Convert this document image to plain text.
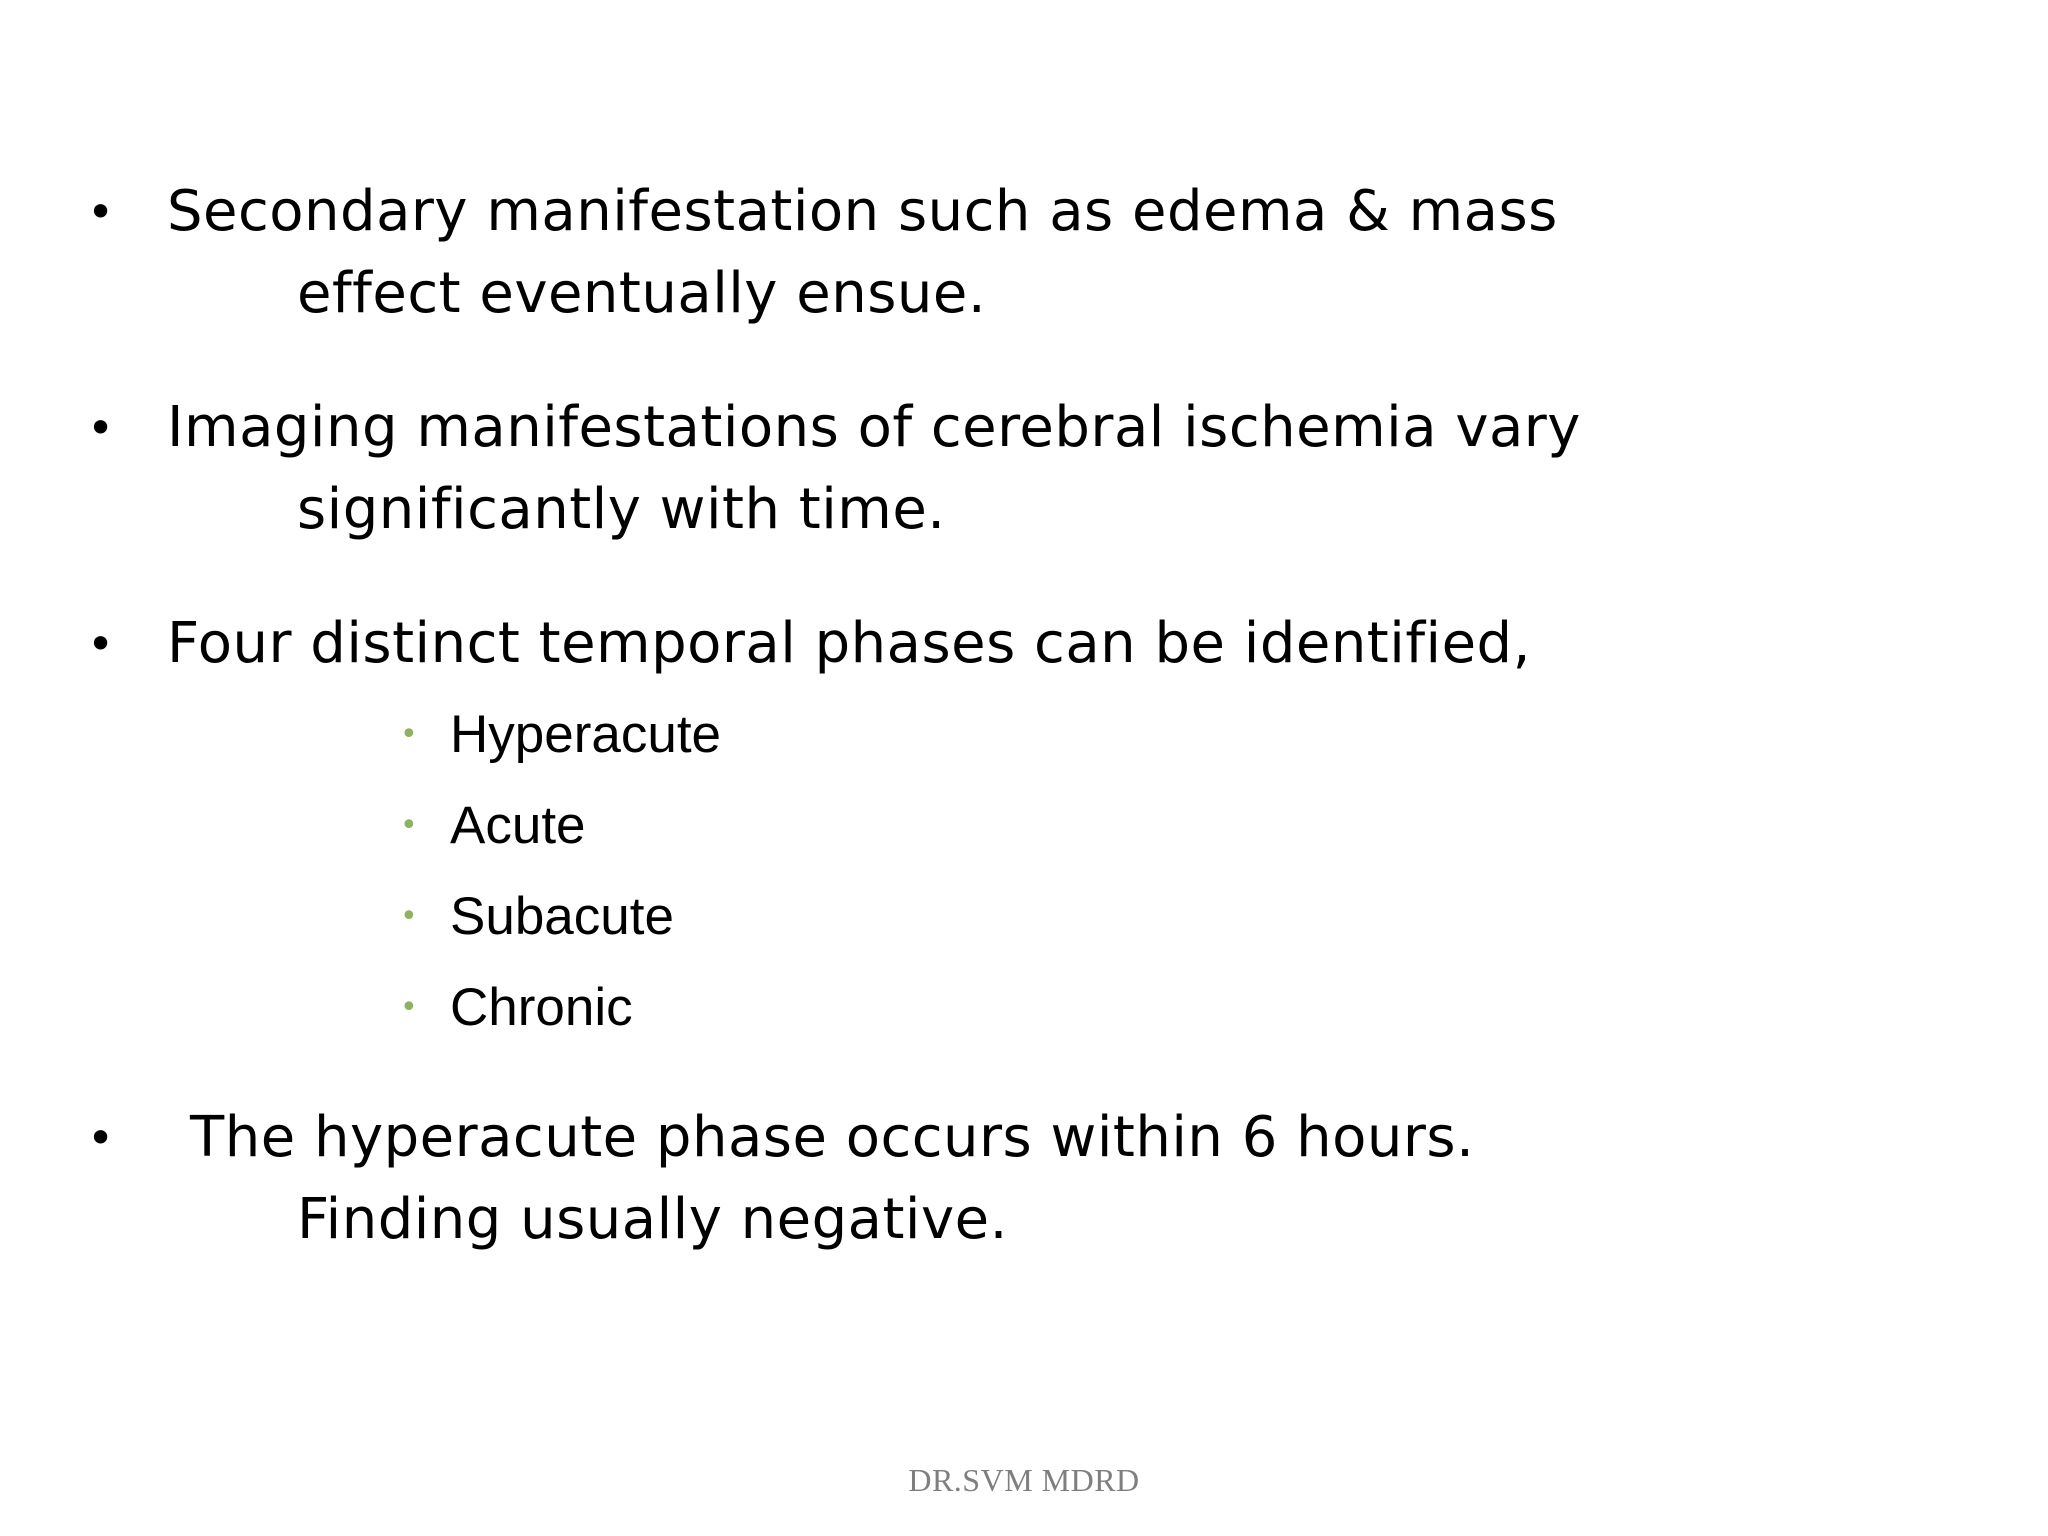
• Secondary manifestation such as edema & mass
effect eventually ensue.
• Imaging manifestations of cerebral ischemia vary
significantly with time.
• Four distinct temporal phases can be identified,
• Hyperacute
• Acute
• Subacute
• Chronic
• The hyperacute phase occurs within 6 hours.
Finding usually negative.
DR.SVM MDRD
